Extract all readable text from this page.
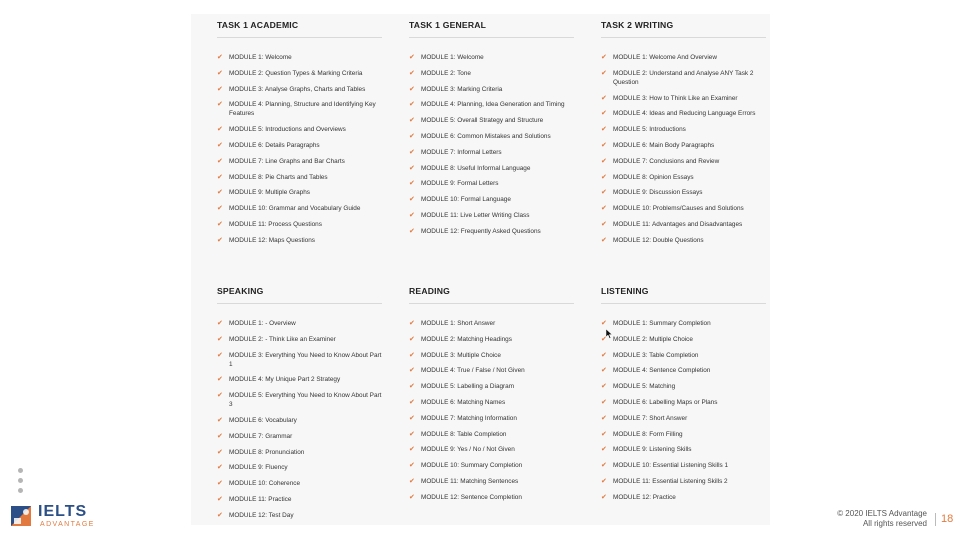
TASK 1 ACADEMIC
✔ MODULE 1: Welcome
✔ MODULE 2: Question Types & Marking Criteria
✔ MODULE 3: Analyse Graphs, Charts and Tables
✔ MODULE 4: Planning, Structure and Identifying Key Features
✔ MODULE 5: Introductions and Overviews
✔ MODULE 6: Details Paragraphs
✔ MODULE 7: Line Graphs and Bar Charts
✔ MODULE 8: Pie Charts and Tables
✔ MODULE 9: Multiple Graphs
✔ MODULE 10: Grammar and Vocabulary Guide
✔ MODULE 11: Process Questions
✔ MODULE 12: Maps Questions
TASK 1 GENERAL
✔ MODULE 1: Welcome
✔ MODULE 2: Tone
✔ MODULE 3: Marking Criteria
✔ MODULE 4: Planning, Idea Generation and Timing
✔ MODULE 5: Overall Strategy and Structure
✔ MODULE 6: Common Mistakes and Solutions
✔ MODULE 7: Informal Letters
✔ MODULE 8: Useful Informal Language
✔ MODULE 9: Formal Letters
✔ MODULE 10: Formal Language
✔ MODULE 11: Live Letter Writing Class
✔ MODULE 12: Frequently Asked Questions
TASK 2 WRITING
✔ MODULE 1: Welcome And Overview
✔ MODULE 2: Understand and Analyse ANY Task 2 Question
✔ MODULE 3: How to Think Like an Examiner
✔ MODULE 4: Ideas and Reducing Language Errors
✔ MODULE 5: Introductions
✔ MODULE 6: Main Body Paragraphs
✔ MODULE 7: Conclusions and Review
✔ MODULE 8: Opinion Essays
✔ MODULE 9: Discussion Essays
✔ MODULE 10: Problems/Causes and Solutions
✔ MODULE 11: Advantages and Disadvantages
✔ MODULE 12: Double Questions
SPEAKING
✔ MODULE 1: - Overview
✔ MODULE 2: - Think Like an Examiner
✔ MODULE 3: Everything You Need to Know About Part 1
✔ MODULE 4: My Unique Part 2 Strategy
✔ MODULE 5: Everything You Need to Know About Part 3
✔ MODULE 6: Vocabulary
✔ MODULE 7: Grammar
✔ MODULE 8: Pronunciation
✔ MODULE 9: Fluency
✔ MODULE 10: Coherence
✔ MODULE 11: Practice
✔ MODULE 12: Test Day
READING
✔ MODULE 1: Short Answer
✔ MODULE 2: Matching Headings
✔ MODULE 3: Multiple Choice
✔ MODULE 4: True / False / Not Given
✔ MODULE 5: Labelling a Diagram
✔ MODULE 6: Matching Names
✔ MODULE 7: Matching Information
✔ MODULE 8: Table Completion
✔ MODULE 9: Yes / No / Not Given
✔ MODULE 10: Summary Completion
✔ MODULE 11: Matching Sentences
✔ MODULE 12: Sentence Completion
LISTENING
✔ MODULE 1: Summary Completion
✔ MODULE 2: Multiple Choice
✔ MODULE 3: Table Completion
✔ MODULE 4: Sentence Completion
✔ MODULE 5: Matching
✔ MODULE 6: Labelling Maps or Plans
✔ MODULE 7: Short Answer
✔ MODULE 8: Form Filling
✔ MODULE 9: Listening Skills
✔ MODULE 10: Essential Listening Skills 1
✔ MODULE 11: Essential Listening Skills 2
✔ MODULE 12: Practice
IELTS
ADVANTAGE
© 2020 IELTS Advantage
All rights reserved	18
